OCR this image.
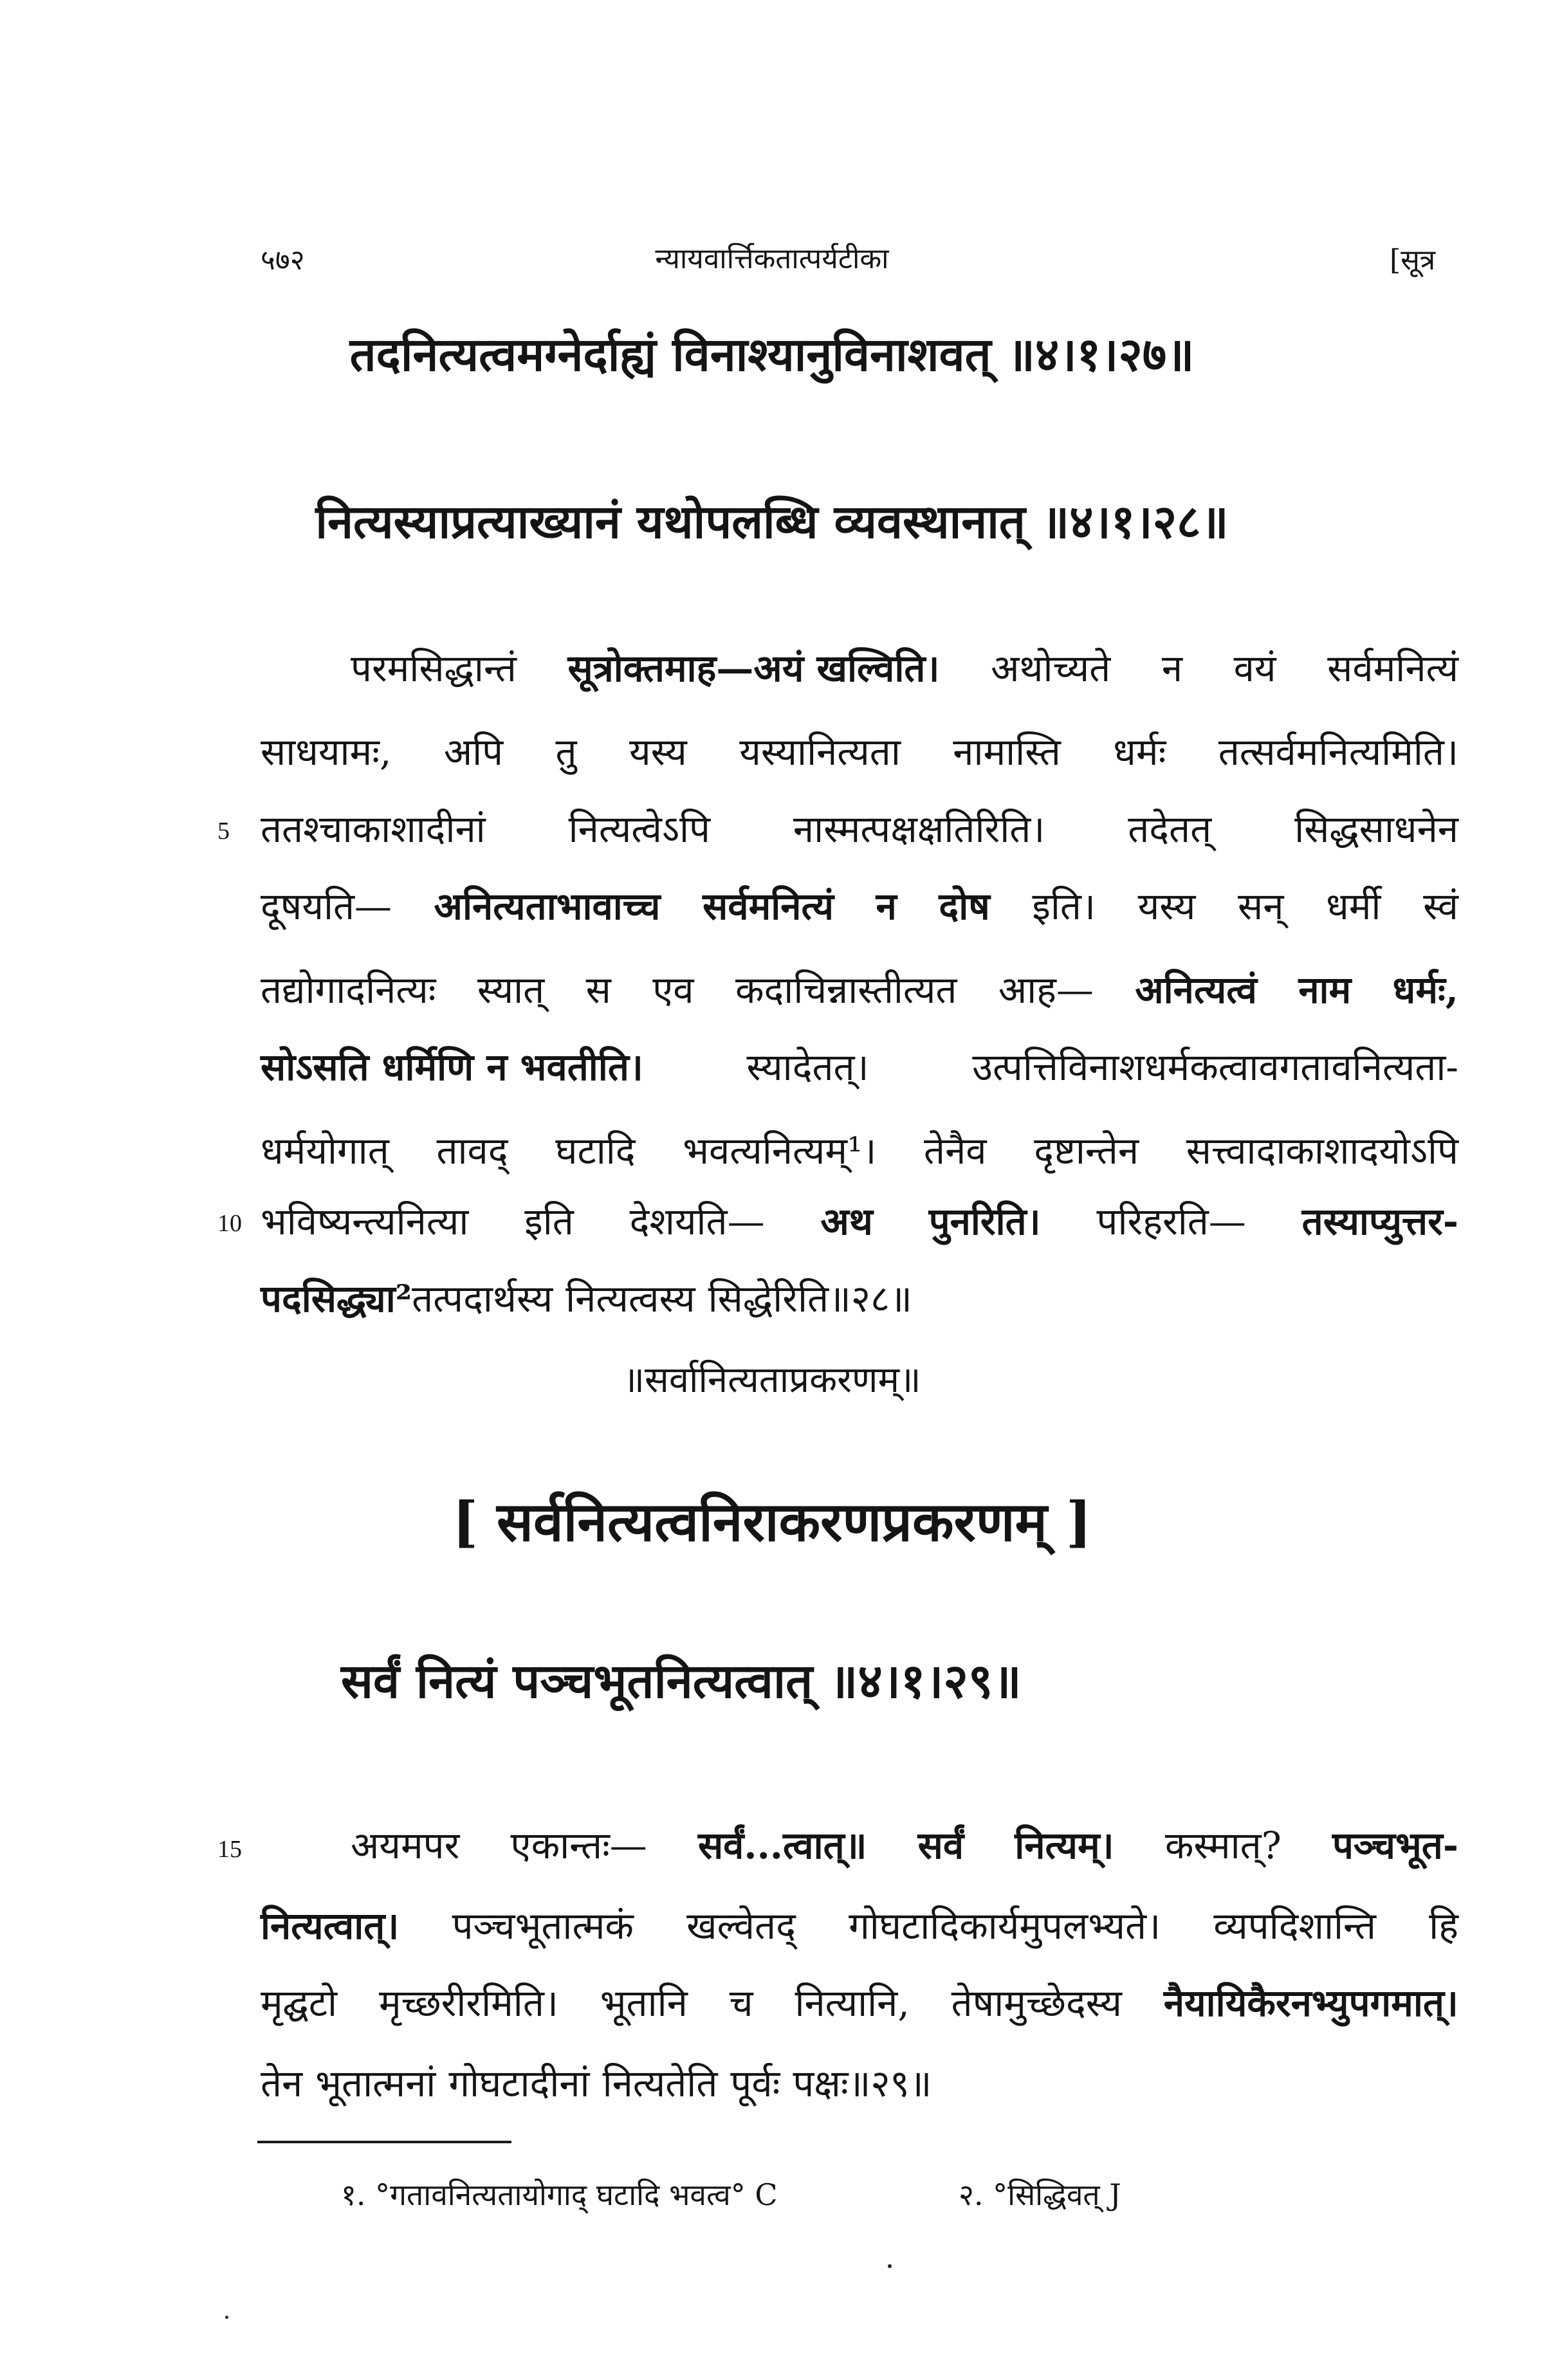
५७२	न्यायवार्त्तिकतात्पर्यटीका	[सूत्र
तदनित्यत्वमग्नेर्दाह्यं विनाश्यानुविनाशवत् ॥४।१।२७॥
नित्यस्याप्रत्याख्यानं यथोपलब्धि व्यवस्थानात् ॥४।१।२८॥
परमसिद्धान्तं सूत्रोक्तमाह—अयं खल्विति। अथोच्यते न वयं सर्वमनित्यं
साधयामः, अपि तु यस्य यस्यानित्यता नामास्ति धर्मः तत्सर्वमनित्यमिति।
ततश्चाकाशादीनां नित्यत्वेऽपि नास्मत्पक्षक्षतिरिति। तदेतत् सिद्धसाधनेन
दूषयति— अनित्यताभावाच्च सर्वमनित्यं न दोष इति। यस्य सन् धर्मी स्वं
तद्योगादनित्यः स्यात् स एव कदाचिन्नास्तीत्यत आह— अनित्यत्वं नाम धर्मः,
सोऽसति धर्मिणि न भवतीति।	स्यादेतत्।	उत्पत्तिविनाशधर्मकत्वावगतावनित्यता-
धर्मयोगात् तावद् घटादि भवत्यनित्यम्¹। तेनैव दृष्टान्तेन सत्त्वादाकाशादयोऽपि
भविष्यन्त्यनित्या इति देशयति— अथ पुनरिति। परिहरति— तस्याप्युत्तर-
पदसिद्ध्या² तत्पदार्थस्य नित्यत्वस्य सिद्धेरिति॥२८॥
5
10
॥सर्वानित्यताप्रकरणम्॥
[ सर्वनित्यत्वनिराकरणप्रकरणम् ]
सर्वं नित्यं पञ्चभूतनित्यत्वात् ॥४।१।२९॥
15	अयमपर एकान्तः— सर्वं...त्वात्॥ सर्वं नित्यम्। कस्मात्? पञ्चभूत-
नित्यत्वात्। पञ्चभूतात्मकं खल्वेतद् गोघटादिकार्यमुपलभ्यते। व्यपदिशान्ति हि
मृद्घटो मृच्छरीरमिति। भूतानि च नित्यानि, तेषामुच्छेदस्य नैयायिकैरनभ्युपगमात्।
तेन भूतात्मनां गोघटादीनां नित्यतेति पूर्वः पक्षः॥२९॥
१. °गतावनित्यतायोगाद् घटादि भवत्व° C	२. °सिद्धिवत् J
